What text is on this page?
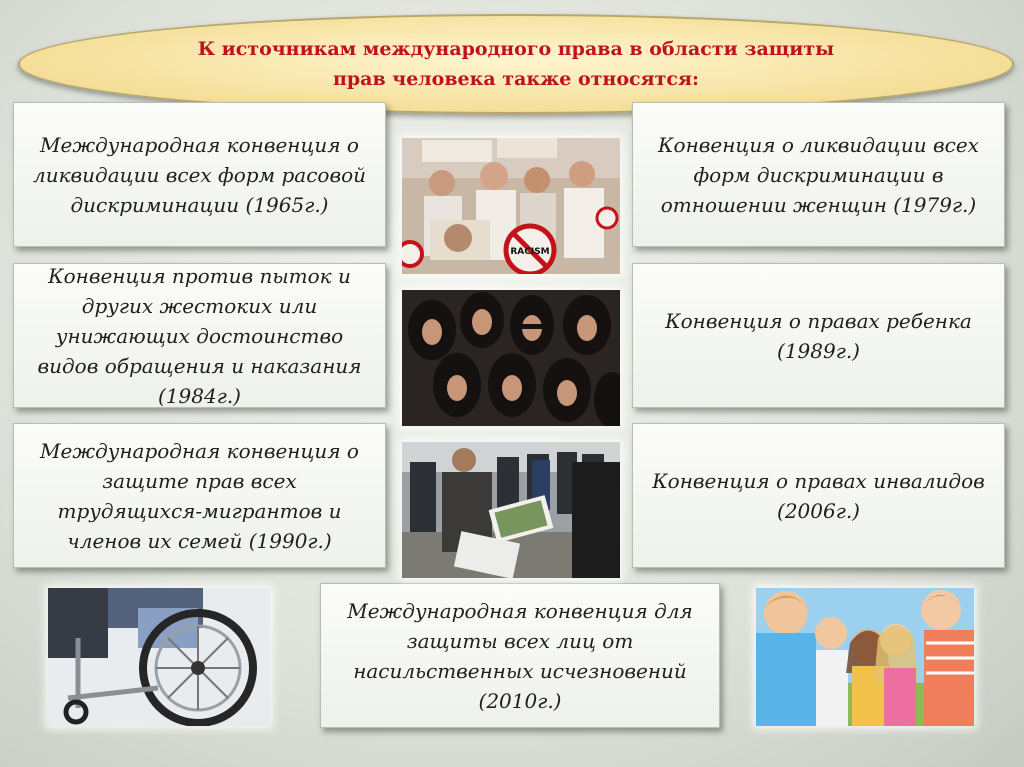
К источникам международного права в области защиты
прав человека также относятся:
Международная конвенция о ликвидации всех форм расовой дискриминации (1965г.)
Конвенция против пыток и других жестоких или унижающих достоинство видов обращения и наказания (1984г.)
Международная конвенция о защите прав всех трудящихся-мигрантов и членов их семей (1990г.)
Конвенция о ликвидации всех форм дискриминации в отношении женщин (1979г.)
Конвенция о правах ребенка (1989г.)
Конвенция о правах инвалидов (2006г.)
Международная конвенция для защиты всех лиц от насильственных исчезновений (2010г.)
RACISM
